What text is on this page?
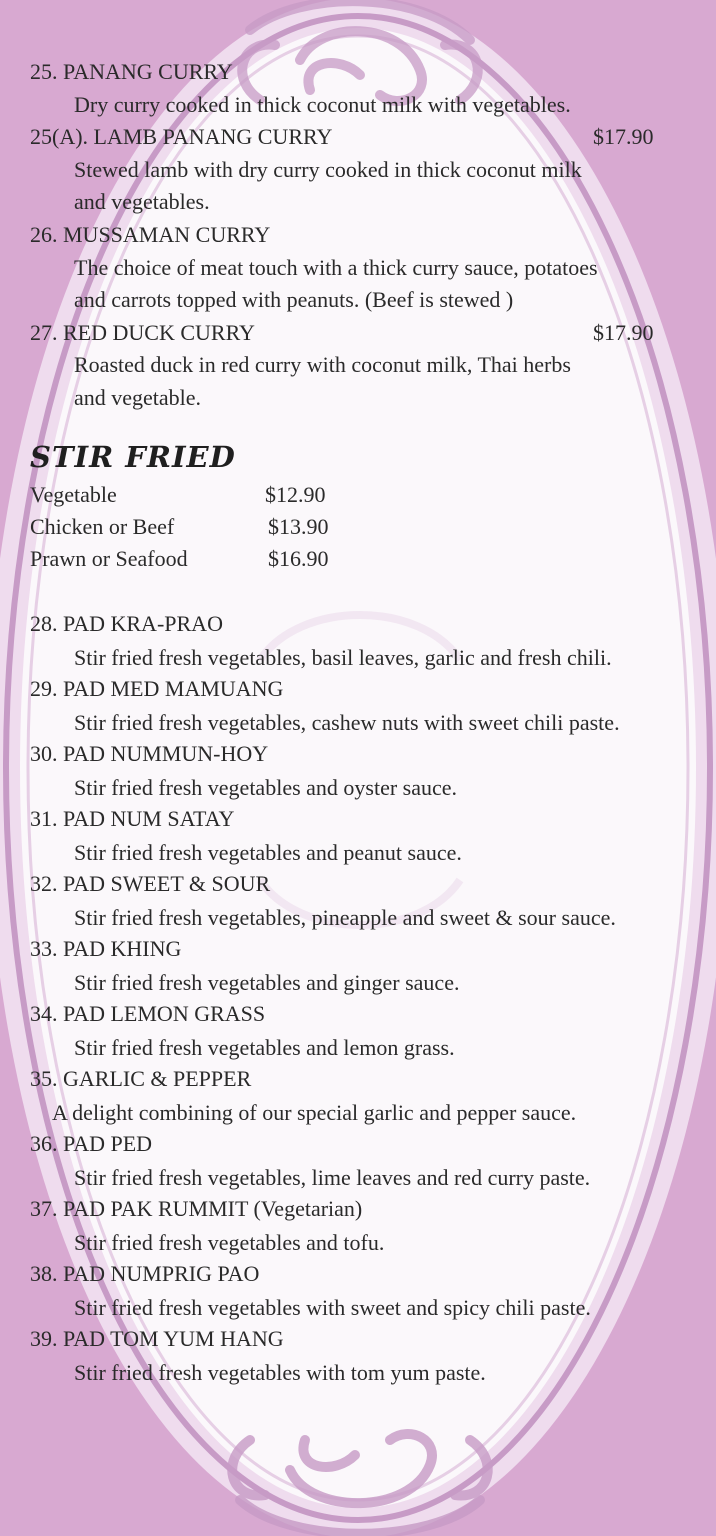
25. PANANG CURRY
Dry curry cooked in thick coconut milk with vegetables.
25(A). LAMB PANANG CURRY	$17.90
Stewed lamb with dry curry cooked in thick coconut milk
and vegetables.
26. MUSSAMAN CURRY
The choice of meat touch with a thick curry sauce, potatoes
and carrots topped with peanuts. (Beef is stewed )
27. RED DUCK CURRY	$17.90
Roasted duck in red curry with coconut milk, Thai herbs
and vegetable.
STIR FRIED
Vegetable	$12.90
Chicken or Beef	$13.90
Prawn or Seafood	$16.90
28. PAD KRA-PRAO
Stir fried fresh vegetables, basil leaves, garlic and fresh chili.
29. PAD MED MAMUANG
Stir fried fresh vegetables, cashew nuts with sweet chili paste.
30. PAD NUMMUN-HOY
Stir fried fresh vegetables and oyster sauce.
31. PAD NUM SATAY
Stir fried fresh vegetables and peanut sauce.
32. PAD SWEET & SOUR
Stir fried fresh vegetables, pineapple and sweet & sour sauce.
33. PAD KHING
Stir fried fresh vegetables and ginger sauce.
34. PAD LEMON GRASS
Stir fried fresh vegetables and lemon grass.
35. GARLIC & PEPPER
A delight combining of our special garlic and pepper sauce.
36. PAD PED
Stir fried fresh vegetables, lime leaves and red curry paste.
37. PAD PAK RUMMIT (Vegetarian)
Stir fried fresh vegetables and tofu.
38. PAD NUMPRIG PAO
Stir fried fresh vegetables with sweet and spicy chili paste.
39. PAD TOM YUM HANG
Stir fried fresh vegetables with tom yum paste.
